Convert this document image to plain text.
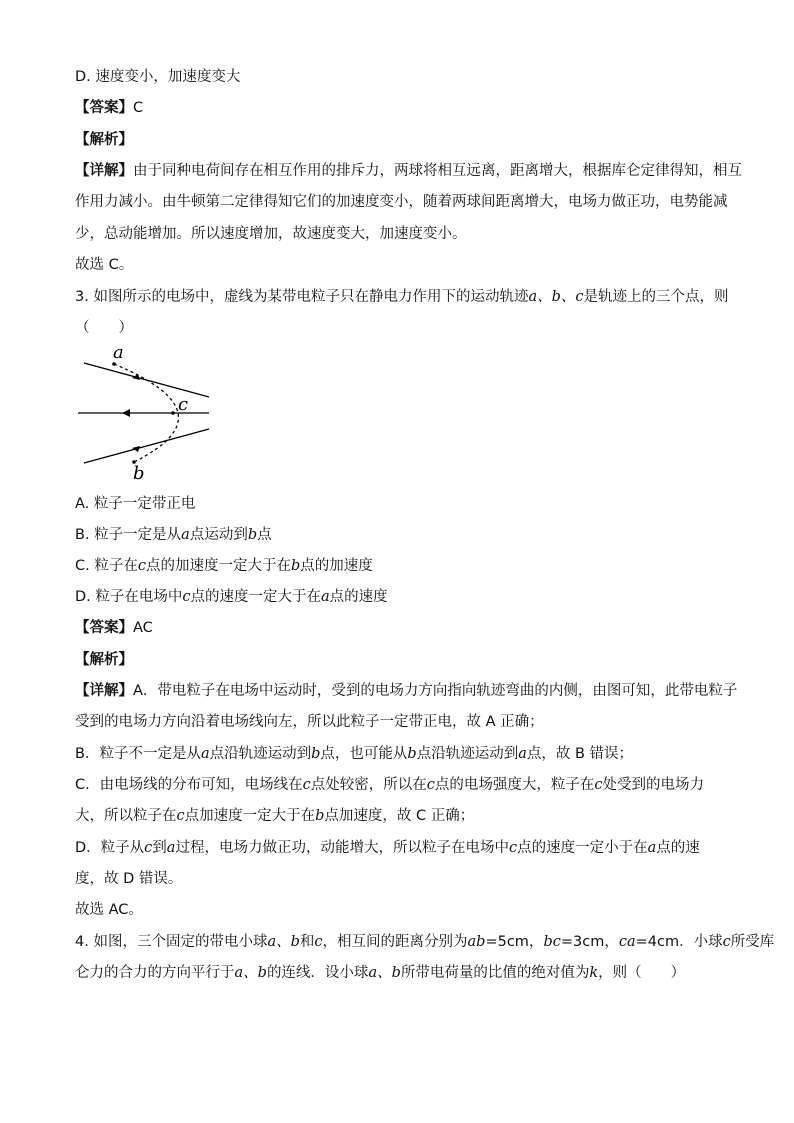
D. 速度变小，加速度变大
【答案】C
【解析】
【详解】由于同种电荷间存在相互作用的排斥力，两球将相互远离，距离增大，根据库仑定律得知，相互
作用力减小。由牛顿第二定律得知它们的加速度变小，随着两球间距离增大，电场力做正功，电势能减
少，总动能增加。所以速度增加，故速度变大，加速度变小。
故选 C。
3. 如图所示的电场中，虚线为某带电粒子只在静电力作用下的运动轨迹a、b、c是轨迹上的三个点，则
（　　）
a
c
b
A. 粒子一定带正电
B. 粒子一定是从a点运动到b点
C. 粒子在c点的加速度一定大于在b点的加速度
D. 粒子在电场中c点的速度一定大于在a点的速度
【答案】AC
【解析】
【详解】A．带电粒子在电场中运动时，受到的电场力方向指向轨迹弯曲的内侧，由图可知，此带电粒子
受到的电场力方向沿着电场线向左，所以此粒子一定带正电，故 A 正确；
B．粒子不一定是从a点沿轨迹运动到b点，也可能从b点沿轨迹运动到a点，故 B 错误；
C．由电场线的分布可知，电场线在c点处较密，所以在c点的电场强度大，粒子在c处受到的电场力
大，所以粒子在c点加速度一定大于在b点加速度，故 C 正确；
D．粒子从c到a过程，电场力做正功，动能增大，所以粒子在电场中c点的速度一定小于在a点的速
度，故 D 错误。
故选 AC。
4. 如图，三个固定的带电小球a、b和c，相互间的距离分别为ab=5cm，bc=3cm，ca=4cm．小球c所受库
仑力的合力的方向平行于a、b的连线．设小球a、b所带电荷量的比值的绝对值为k，则（　　）
